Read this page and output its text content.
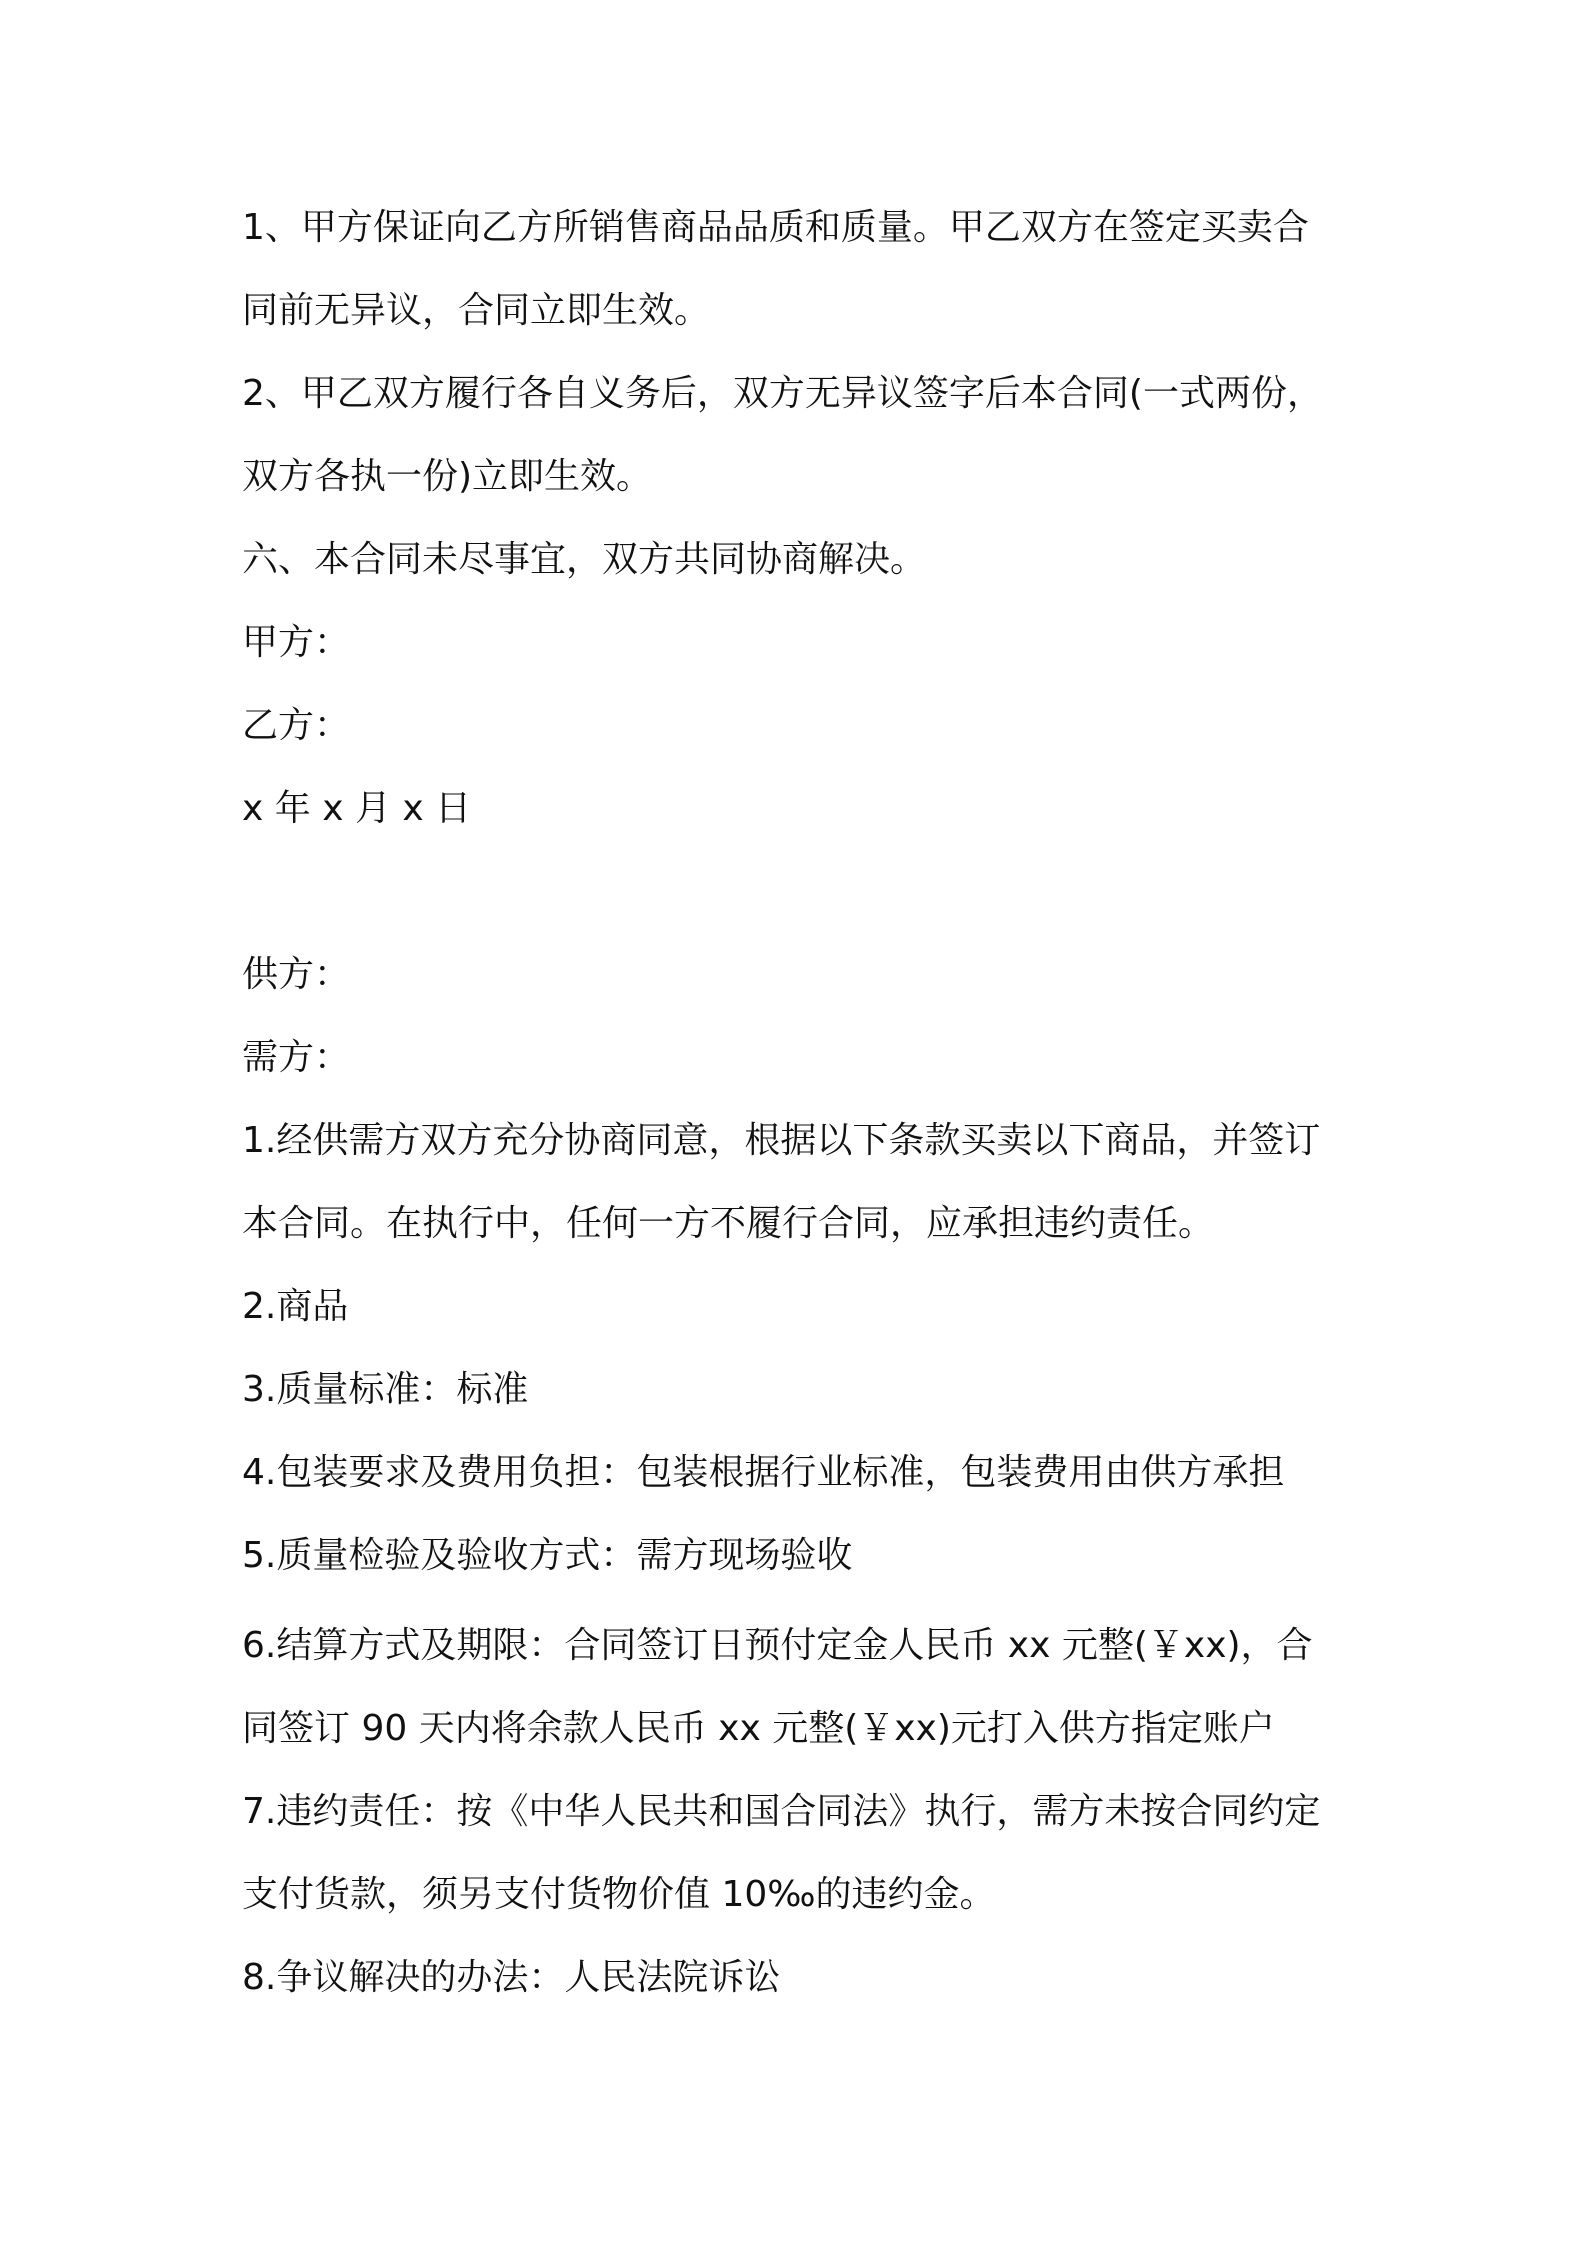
1、甲方保证向乙方所销售商品品质和质量。甲乙双方在签定买卖合
同前无异议，合同立即生效。
2、甲乙双方履行各自义务后，双方无异议签字后本合同(一式两份，
双方各执一份)立即生效。
六、本合同未尽事宜，双方共同协商解决。
甲方：
乙方：
x 年 x 月 x 日
供方：
需方：
1.经供需方双方充分协商同意，根据以下条款买卖以下商品，并签订
本合同。在执行中，任何一方不履行合同，应承担违约责任。
2.商品
3.质量标准：标准
4.包装要求及费用负担：包装根据行业标准，包装费用由供方承担
5.质量检验及验收方式：需方现场验收
6.结算方式及期限：合同签订日预付定金人民币 xx 元整(￥xx)，合
同签订 90 天内将余款人民币 xx 元整(￥xx)元打入供方指定账户
7.违约责任：按《中华人民共和国合同法》执行，需方未按合同约定
支付货款，须另支付货物价值 10‰的违约金。
8.争议解决的办法：人民法院诉讼
